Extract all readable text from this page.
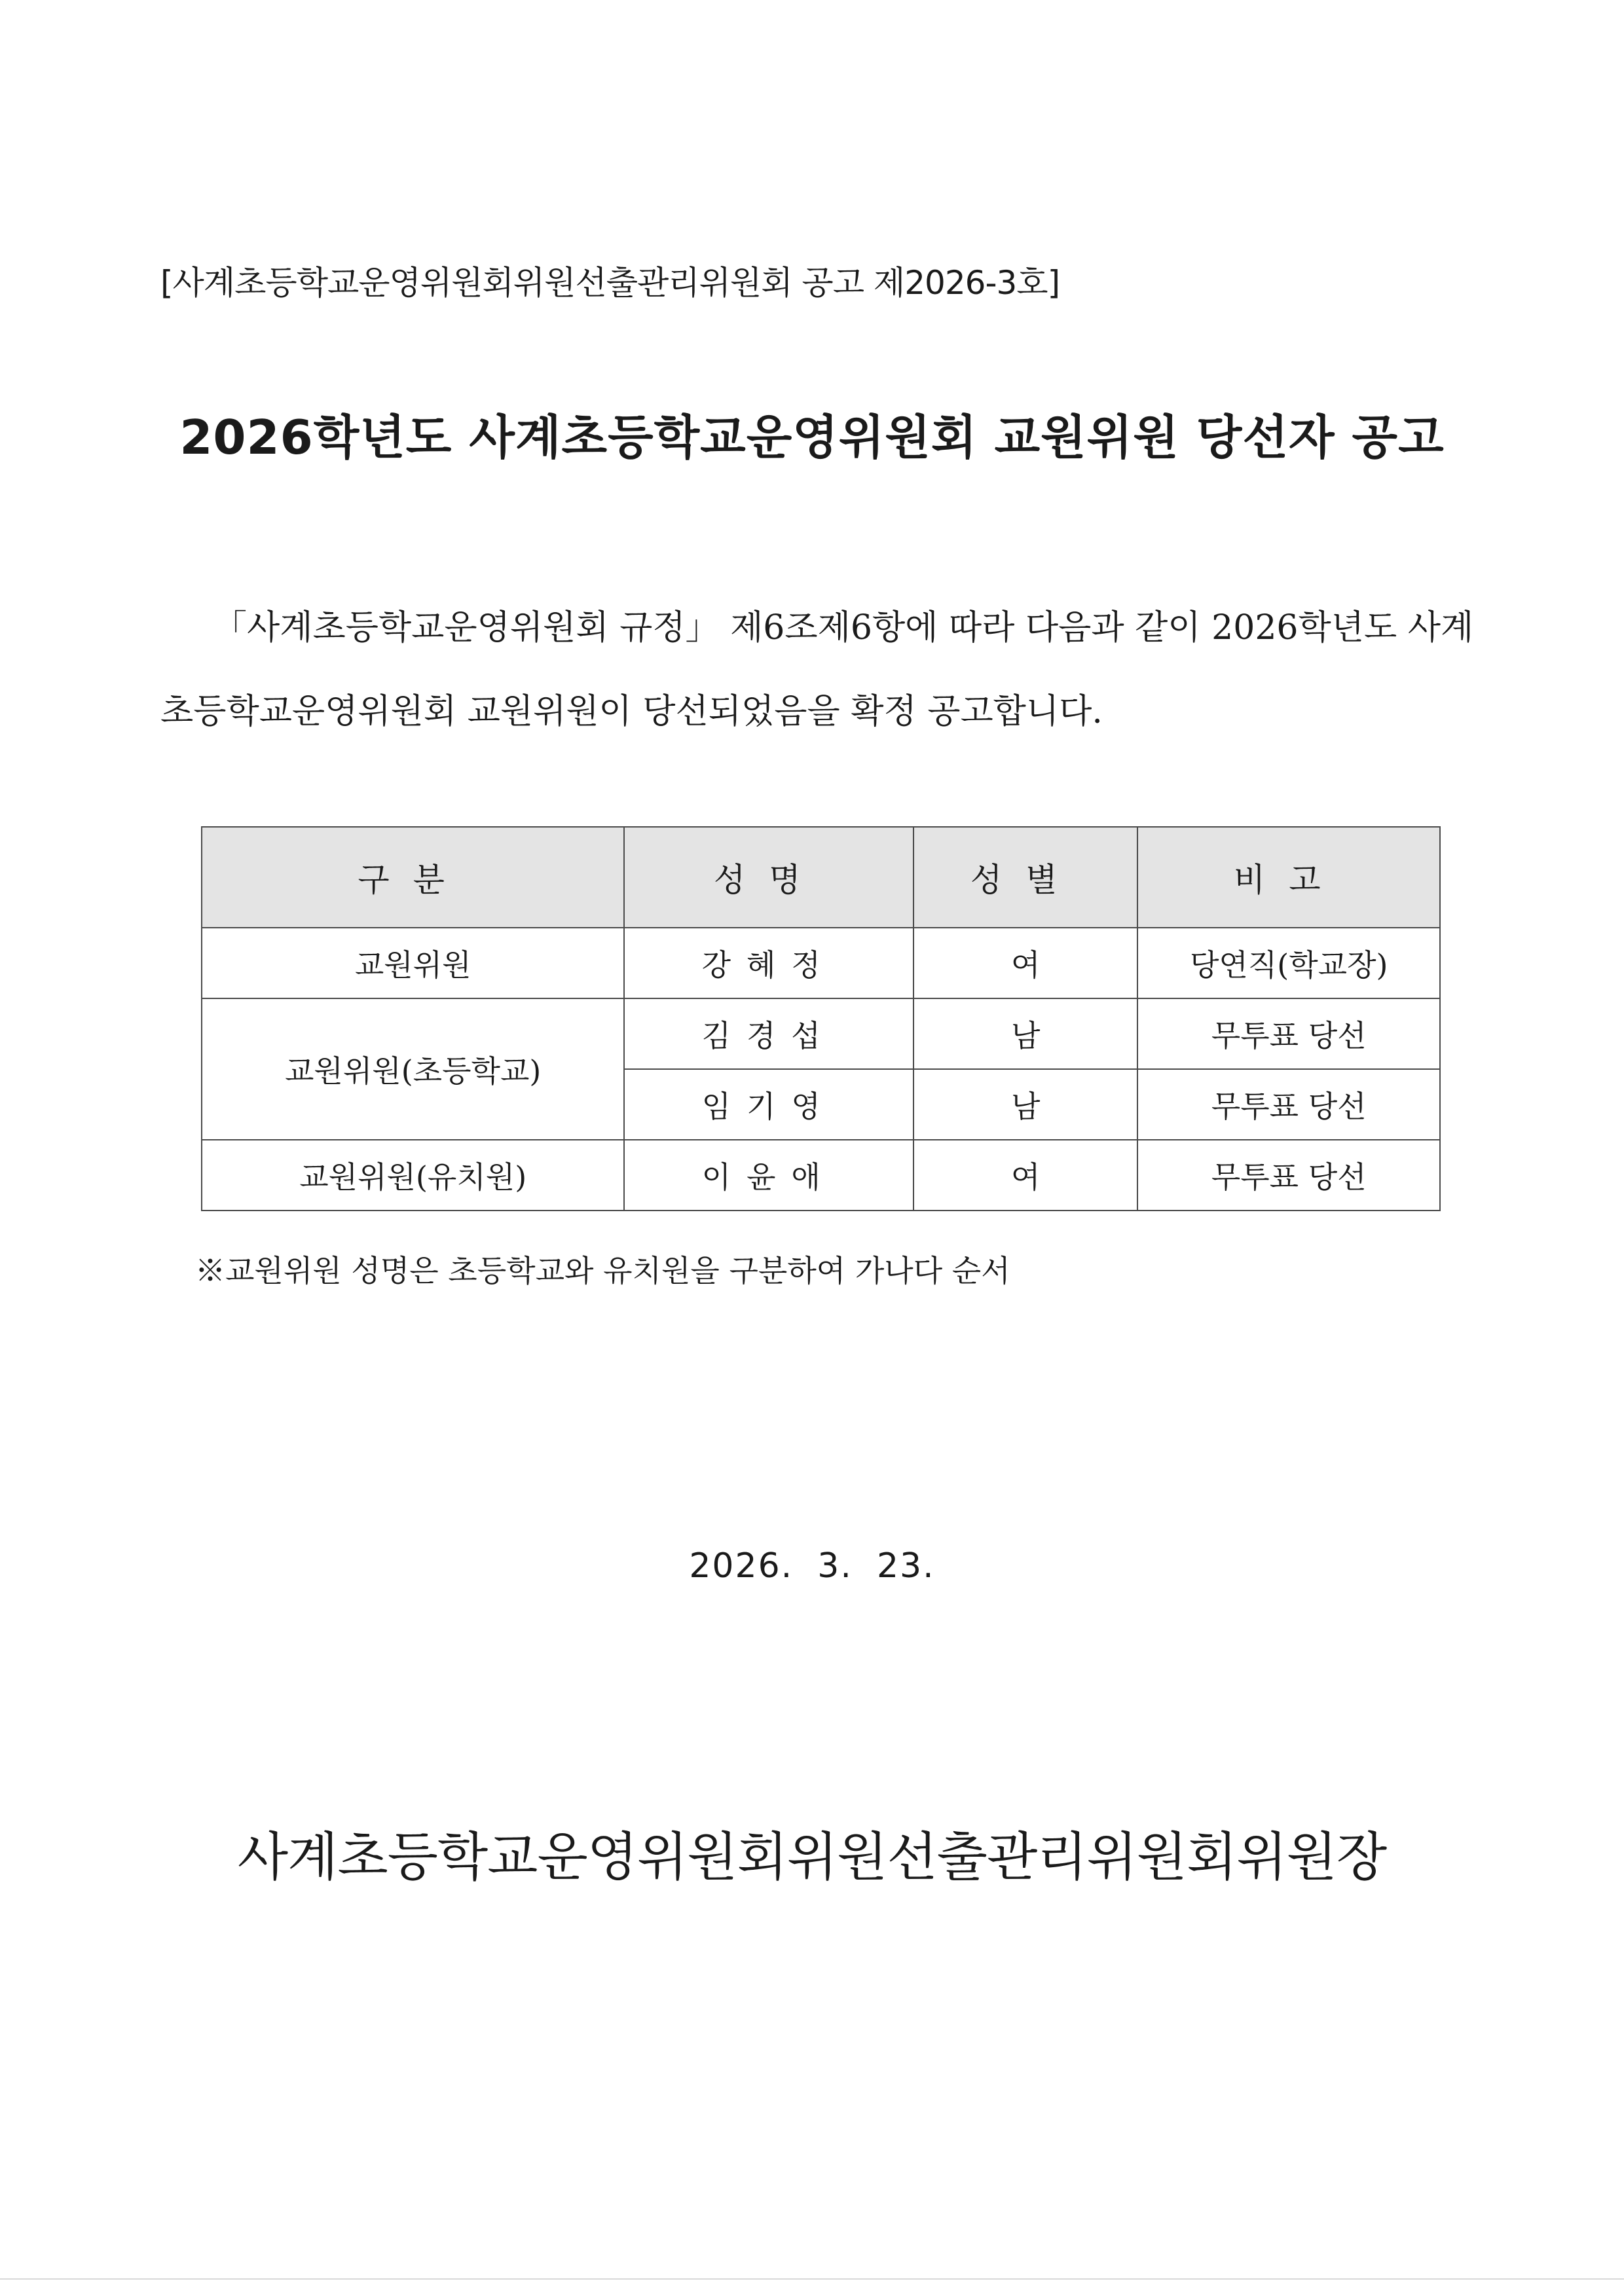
[사계초등학교운영위원회위원선출관리위원회 공고 제2026-3호]
2026학년도 사계초등학교운영위원회 교원위원 당선자 공고
「사계초등학교운영위원회 규정」 제6조제6항에 따라 다음과 같이 2026학년도 사계
초등학교운영위원회 교원위원이 당선되었음을 확정 공고합니다.
구분	성명	성별	비고
교원위원	강혜정	여	당연직(학교장)
교원위원(초등학교)	김경섭	남	무투표 당선
	임기영	남	무투표 당선
교원위원(유치원)	이윤애	여	무투표 당선
※교원위원 성명은 초등학교와 유치원을 구분하여 가나다 순서
2026.  3.  23.
사계초등학교운영위원회위원선출관리위원회위원장
